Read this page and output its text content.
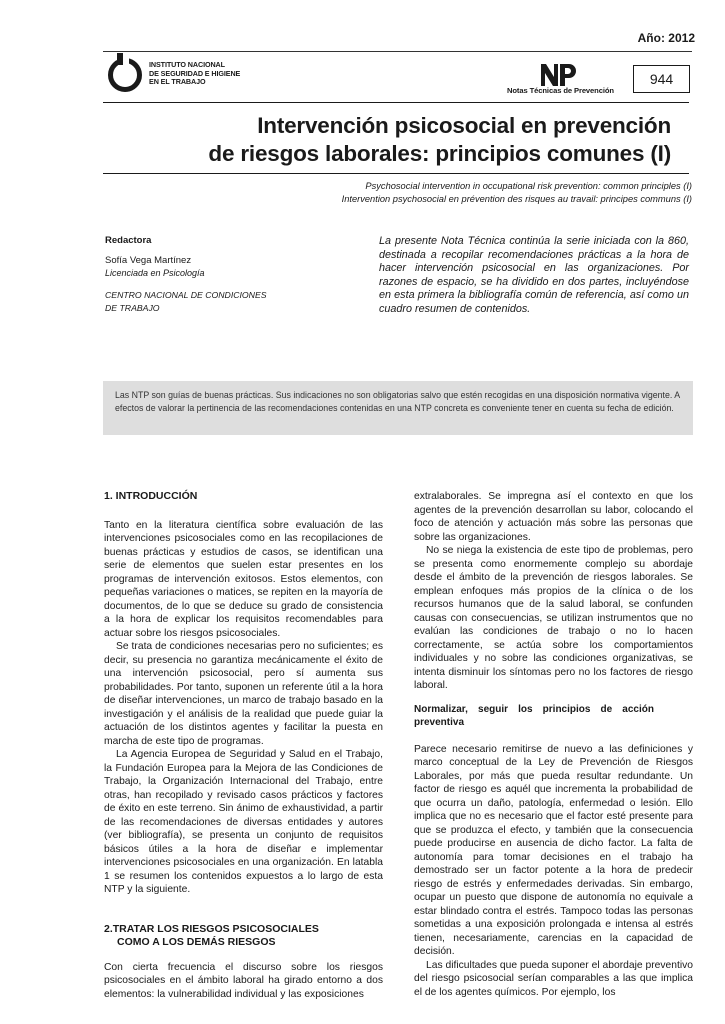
Año: 2012
INSTITUTO NACIONAL
DE SEGURIDAD E HIGIENE
EN EL TRABAJO
Notas Técnicas de Prevención
944
Intervención psicosocial en prevención
de riesgos laborales: principios comunes (I)
Psychosocial intervention in occupational risk prevention: common principles (I)
Intervention psychosocial en prévention des risques au travail: principes communs (I)
Redactora
Sofía Vega Martínez
Licenciada en Psicología
CENTRO NACIONAL DE CONDICIONES
DE TRABAJO
La presente Nota Técnica continúa la serie iniciada con la 860, destinada a recopilar recomendaciones prácticas a la hora de hacer intervención psicosocial en las organizaciones. Por razones de espacio, se ha dividido en dos partes, incluyéndose en esta primera la bibliografía común de referencia, así como un cuadro resumen de contenidos.

Las NTP son guías de buenas prácticas. Sus indicaciones no son obligatorias salvo que estén recogidas en una disposición normativa vigente. A efectos de valorar la pertinencia de las recomendaciones contenidas en una NTP concreta es conveniente tener en cuenta su fecha de edición.

1. INTRODUCCIÓN

Tanto en la literatura científica sobre evaluación de las intervenciones psicosociales como en las recopilaciones de buenas prácticas y estudios de casos, se identifican una serie de elementos que suelen estar presentes en los programas de intervención exitosos. Estos elementos, con pequeñas variaciones o matices, se repiten en la mayoría de documentos, de lo que se deduce su grado de consistencia a la hora de explicar los requisitos recomendables para actuar sobre los riesgos psicosociales.

Se trata de condiciones necesarias pero no suficientes; es decir, su presencia no garantiza mecánicamente el éxito de una intervención psicosocial, pero sí aumenta sus probabilidades. Por tanto, suponen un referente útil a la hora de diseñar intervenciones, un marco de trabajo basado en la investigación y el análisis de la realidad que puede guiar la actuación de los distintos agentes y facilitar la puesta en marcha de este tipo de programas.

La Agencia Europea de Seguridad y Salud en el Trabajo, la Fundación Europea para la Mejora de las Condiciones de Trabajo, la Organización Internacional del Trabajo, entre otras, han recopilado y revisado casos prácticos y factores de éxito en este terreno. Sin ánimo de exhaustividad, a partir de las recomendaciones de diversas entidades y autores (ver bibliografía), se presenta un conjunto de requisitos básicos útiles a la hora de diseñar e implementar intervenciones psicosociales en una organización. En latabla 1 se resumen los contenidos expuestos a lo largo de esta NTP y la siguiente.

2.TRATAR LOS RIESGOS PSICOSOCIALES
COMO A LOS DEMÁS RIESGOS

Con cierta frecuencia el discurso sobre los riesgos psicosociales en el ámbito laboral ha girado entorno a dos elementos: la vulnerabilidad individual y las exposiciones

extralaborales. Se impregna así el contexto en que los agentes de la prevención desarrollan su labor, colocando el foco de atención y actuación más sobre las personas que sobre las organizaciones.

No se niega la existencia de este tipo de problemas, pero se presenta como enormemente complejo su abordaje desde el ámbito de la prevención de riesgos laborales. Se emplean enfoques más propios de la clínica o de los recursos humanos que de la salud laboral, se confunden causas con consecuencias, se utilizan instrumentos que no evalúan las condiciones de trabajo o no lo hacen correctamente, se actúa sobre los comportamientos individuales y no sobre las condiciones organizativas, se intenta disminuir los síntomas pero no los factores de riesgo laboral.

Normalizar, seguir los principios de acción preventiva

Parece necesario remitirse de nuevo a las definiciones y marco conceptual de la Ley de Prevención de Riesgos Laborales, por más que pueda resultar redundante. Un factor de riesgo es aquél que incrementa la probabilidad de que ocurra un daño, patología, enfermedad o lesión. Ello implica que no es necesario que el factor esté presente para que se produzca el efecto, y también que la consecuencia puede producirse en ausencia de dicho factor. La falta de autonomía para tomar decisiones en el trabajo ha demostrado ser un factor potente a la hora de predecir riesgo de estrés y enfermedades derivadas. Sin embargo, ocupar un puesto que dispone de autonomía no equivale a estar blindado contra el estrés. Tampoco todas las personas sometidas a una exposición prolongada e intensa al estrés tienen, necesariamente, carencias en la capacidad de decisión.

Las dificultades que pueda suponer el abordaje preventivo del riesgo psicosocial serían comparables a las que implica el de los agentes químicos. Por ejemplo, los
